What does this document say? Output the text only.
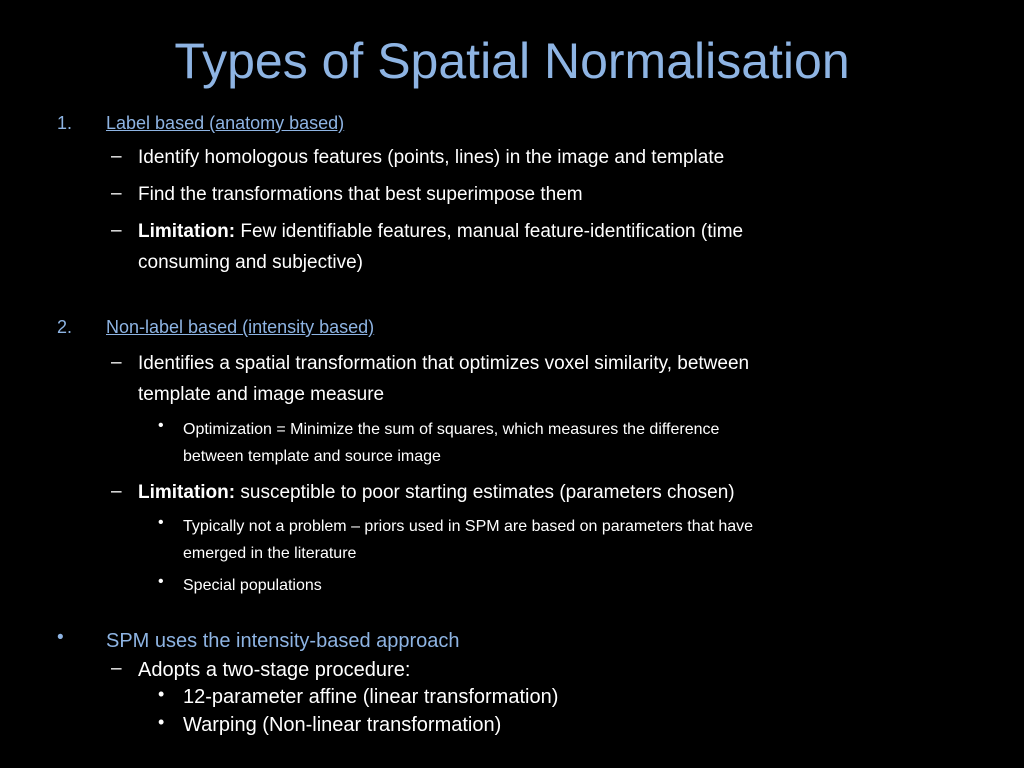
Types of Spatial Normalisation
1. Label based (anatomy based)
– Identify homologous features (points, lines) in the image and template
– Find the transformations that best superimpose them
– Limitation: Few identifiable features, manual feature-identification (time
consuming and subjective)
2. Non-label based (intensity based)
– Identifies a spatial transformation that optimizes voxel similarity, between
template and image measure
• Optimization = Minimize the sum of squares, which measures the difference
between template and source image
– Limitation: susceptible to poor starting estimates (parameters chosen)
• Typically not a problem – priors used in SPM are based on parameters that have
emerged in the literature
• Special populations
• SPM uses the intensity-based approach
– Adopts a two-stage procedure:
• 12-parameter affine (linear transformation)
• Warping (Non-linear transformation)
